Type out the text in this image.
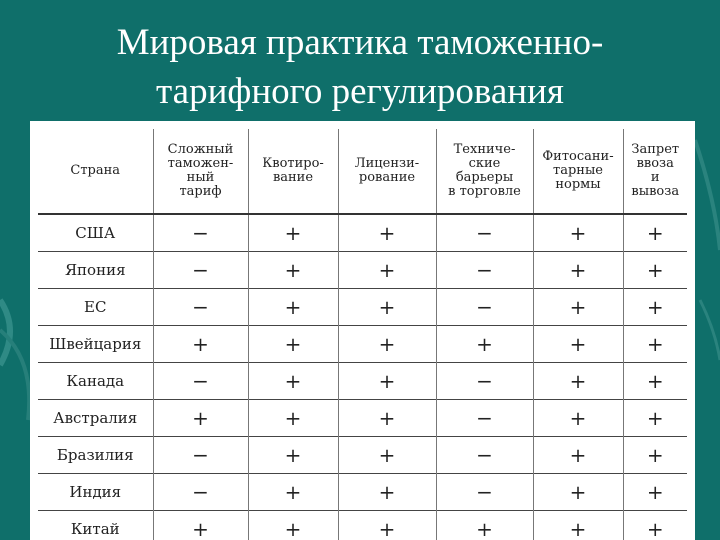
Мировая практика таможенно-
тарифного регулирования
Страна	Сложный
таможен-
ный
тариф	Квотиро-
вание	Лицензи-
рование	Техниче-
ские
барьеры
в торговле	Фитосани-
тарные
нормы	Запрет
ввоза
и
вывоза
США	−	+	+	−	+	+
Япония	−	+	+	−	+	+
ЕС	−	+	+	−	+	+
Швейцария	+	+	+	+	+	+
Канада	−	+	+	−	+	+
Австралия	+	+	+	−	+	+
Бразилия	−	+	+	−	+	+
Индия	−	+	+	−	+	+
Китай	+	+	+	+	+	+
